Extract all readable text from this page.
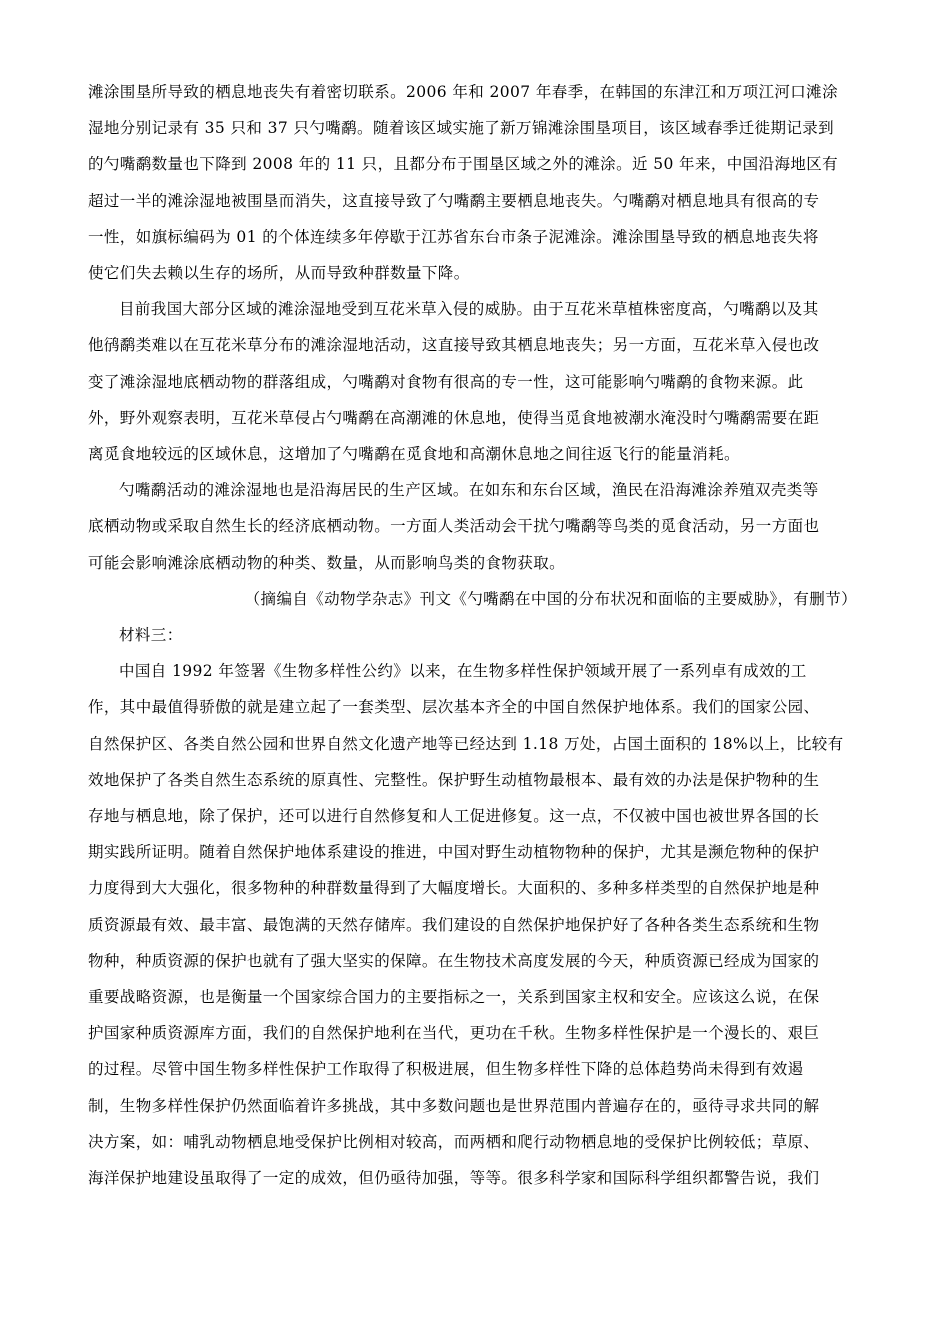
滩涂围垦所导致的栖息地丧失有着密切联系。2006 年和 2007 年春季，在韩国的东津江和万项江河口滩涂
湿地分别记录有 35 只和 37 只勺嘴鹬。随着该区域实施了新万锦滩涂围垦项目，该区域春季迁徙期记录到
的勺嘴鹬数量也下降到 2008 年的 11 只，且都分布于围垦区域之外的滩涂。近 50 年来，中国沿海地区有
超过一半的滩涂湿地被围垦而消失，这直接导致了勺嘴鹬主要栖息地丧失。勺嘴鹬对栖息地具有很高的专
一性，如旗标编码为 01 的个体连续多年停歇于江苏省东台市条子泥滩涂。滩涂围垦导致的栖息地丧失将
使它们失去赖以生存的场所，从而导致种群数量下降。
目前我国大部分区域的滩涂湿地受到互花米草入侵的威胁。由于互花米草植株密度高，勺嘴鹬以及其
他鸻鹬类难以在互花米草分布的滩涂湿地活动，这直接导致其栖息地丧失；另一方面，互花米草入侵也改
变了滩涂湿地底栖动物的群落组成，勺嘴鹬对食物有很高的专一性，这可能影响勺嘴鹬的食物来源。此
外，野外观察表明，互花米草侵占勺嘴鹬在高潮滩的休息地，使得当觅食地被潮水淹没时勺嘴鹬需要在距
离觅食地较远的区域休息，这增加了勺嘴鹬在觅食地和高潮休息地之间往返飞行的能量消耗。
勺嘴鹬活动的滩涂湿地也是沿海居民的生产区域。在如东和东台区域，渔民在沿海滩涂养殖双壳类等
底栖动物或采取自然生长的经济底栖动物。一方面人类活动会干扰勺嘴鹬等鸟类的觅食活动，另一方面也
可能会影响滩涂底栖动物的种类、数量，从而影响鸟类的食物获取。
（摘编自《动物学杂志》刊文《勺嘴鹬在中国的分布状况和面临的主要威胁》，有删节）
材料三：
中国自 1992 年签署《生物多样性公约》以来，在生物多样性保护领域开展了一系列卓有成效的工
作，其中最值得骄傲的就是建立起了一套类型、层次基本齐全的中国自然保护地体系。我们的国家公园、
自然保护区、各类自然公园和世界自然文化遗产地等已经达到 1.18 万处，占国土面积的 18%以上，比较有
效地保护了各类自然生态系统的原真性、完整性。保护野生动植物最根本、最有效的办法是保护物种的生
存地与栖息地，除了保护，还可以进行自然修复和人工促进修复。这一点，不仅被中国也被世界各国的长
期实践所证明。随着自然保护地体系建设的推进，中国对野生动植物物种的保护，尤其是濒危物种的保护
力度得到大大强化，很多物种的种群数量得到了大幅度增长。大面积的、多种多样类型的自然保护地是种
质资源最有效、最丰富、最饱满的天然存储库。我们建设的自然保护地保护好了各种各类生态系统和生物
物种，种质资源的保护也就有了强大坚实的保障。在生物技术高度发展的今天，种质资源已经成为国家的
重要战略资源，也是衡量一个国家综合国力的主要指标之一，关系到国家主权和安全。应该这么说，在保
护国家种质资源库方面，我们的自然保护地利在当代，更功在千秋。生物多样性保护是一个漫长的、艰巨
的过程。尽管中国生物多样性保护工作取得了积极进展，但生物多样性下降的总体趋势尚未得到有效遏
制，生物多样性保护仍然面临着许多挑战，其中多数问题也是世界范围内普遍存在的，亟待寻求共同的解
决方案，如：哺乳动物栖息地受保护比例相对较高，而两栖和爬行动物栖息地的受保护比例较低；草原、
海洋保护地建设虽取得了一定的成效，但仍亟待加强，等等。很多科学家和国际科学组织都警告说，我们
